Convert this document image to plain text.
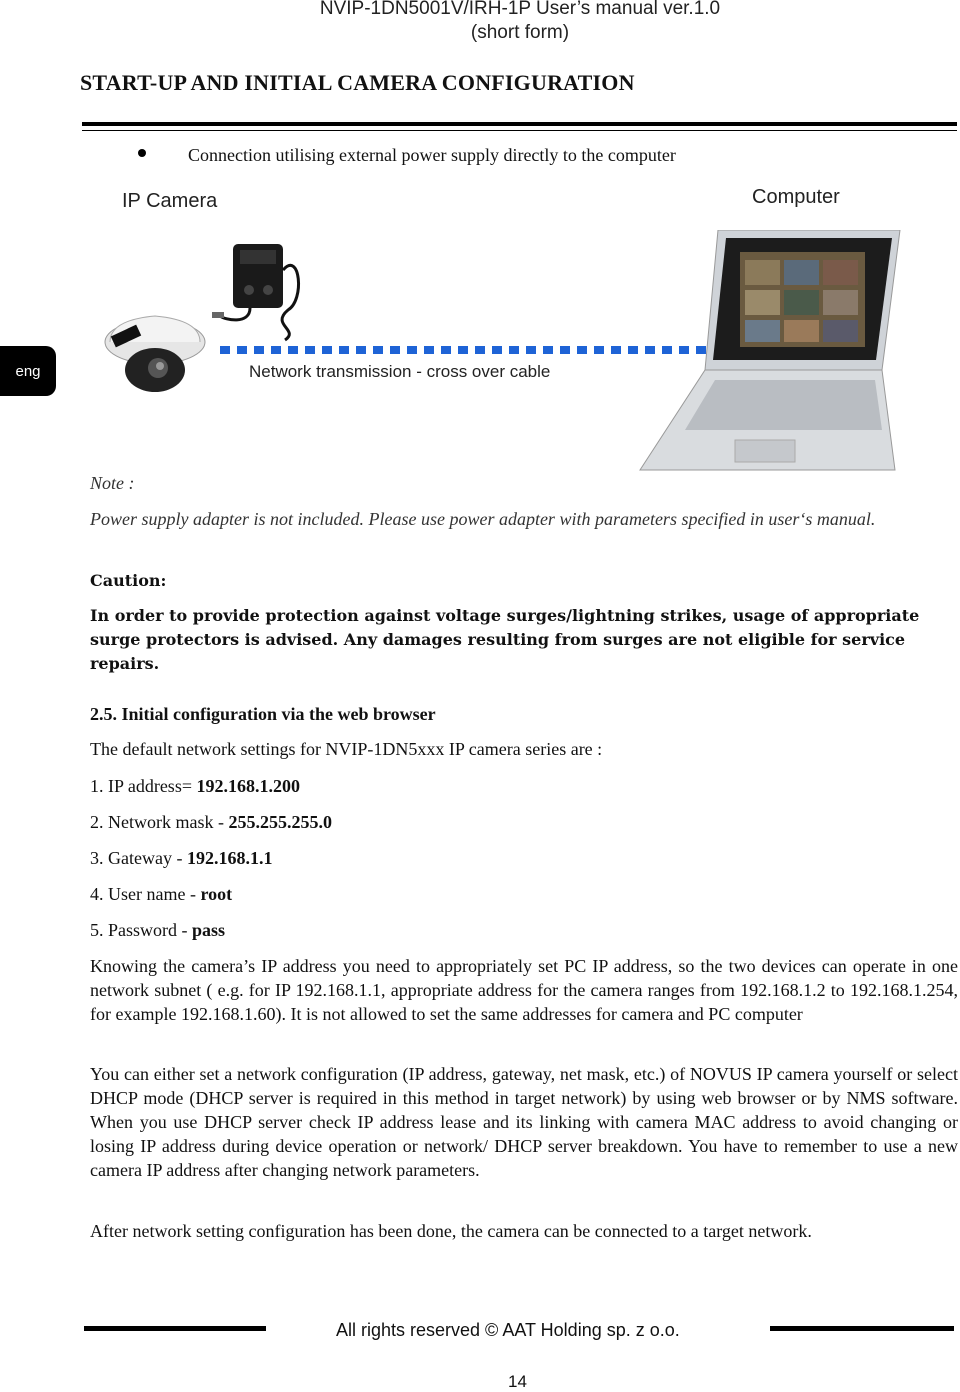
NVIP-1DN5001V/IRH-1P User’s manual ver.1.0
(short form)
START-UP AND INITIAL CAMERA CONFIGURATION
Connection utilising external power supply directly to the computer
IP Camera	Computer
eng	Network transmission - cross over cable
Note :
Power supply adapter is not included. Please use power adapter with parameters specified in user‘s manual.
Caution:
In order to provide protection against voltage surges/lightning strikes, usage of appropriate surge protectors is advised. Any damages resulting from surges are not eligible for service repairs.
2.5. Initial configuration via the web browser
The default network settings for NVIP-1DN5xxx IP camera series are :
1. IP address= 192.168.1.200
2. Network mask - 255.255.255.0
3. Gateway - 192.168.1.1
4. User name - root
5. Password - pass
Knowing the camera’s IP address you need to appropriately set PC IP address, so the two devices can operate in one network subnet ( e.g. for IP 192.168.1.1, appropriate address for the camera ranges from 192.168.1.2 to 192.168.1.254, for example 192.168.1.60). It is not allowed to set the same addresses for camera and PC computer
You can either set a network configuration (IP address, gateway, net mask, etc.) of NOVUS IP camera yourself or select DHCP mode (DHCP server is required in this method in target network) by using web browser or by NMS software. When you use DHCP server check IP address lease and its linking with camera MAC address to avoid changing or losing IP address during device operation or network/ DHCP server breakdown. You have to remember to use a new camera IP address after changing network parameters.
After network setting configuration has been done, the camera can be connected to a target network.
All rights reserved © AAT Holding sp. z o.o.
14
